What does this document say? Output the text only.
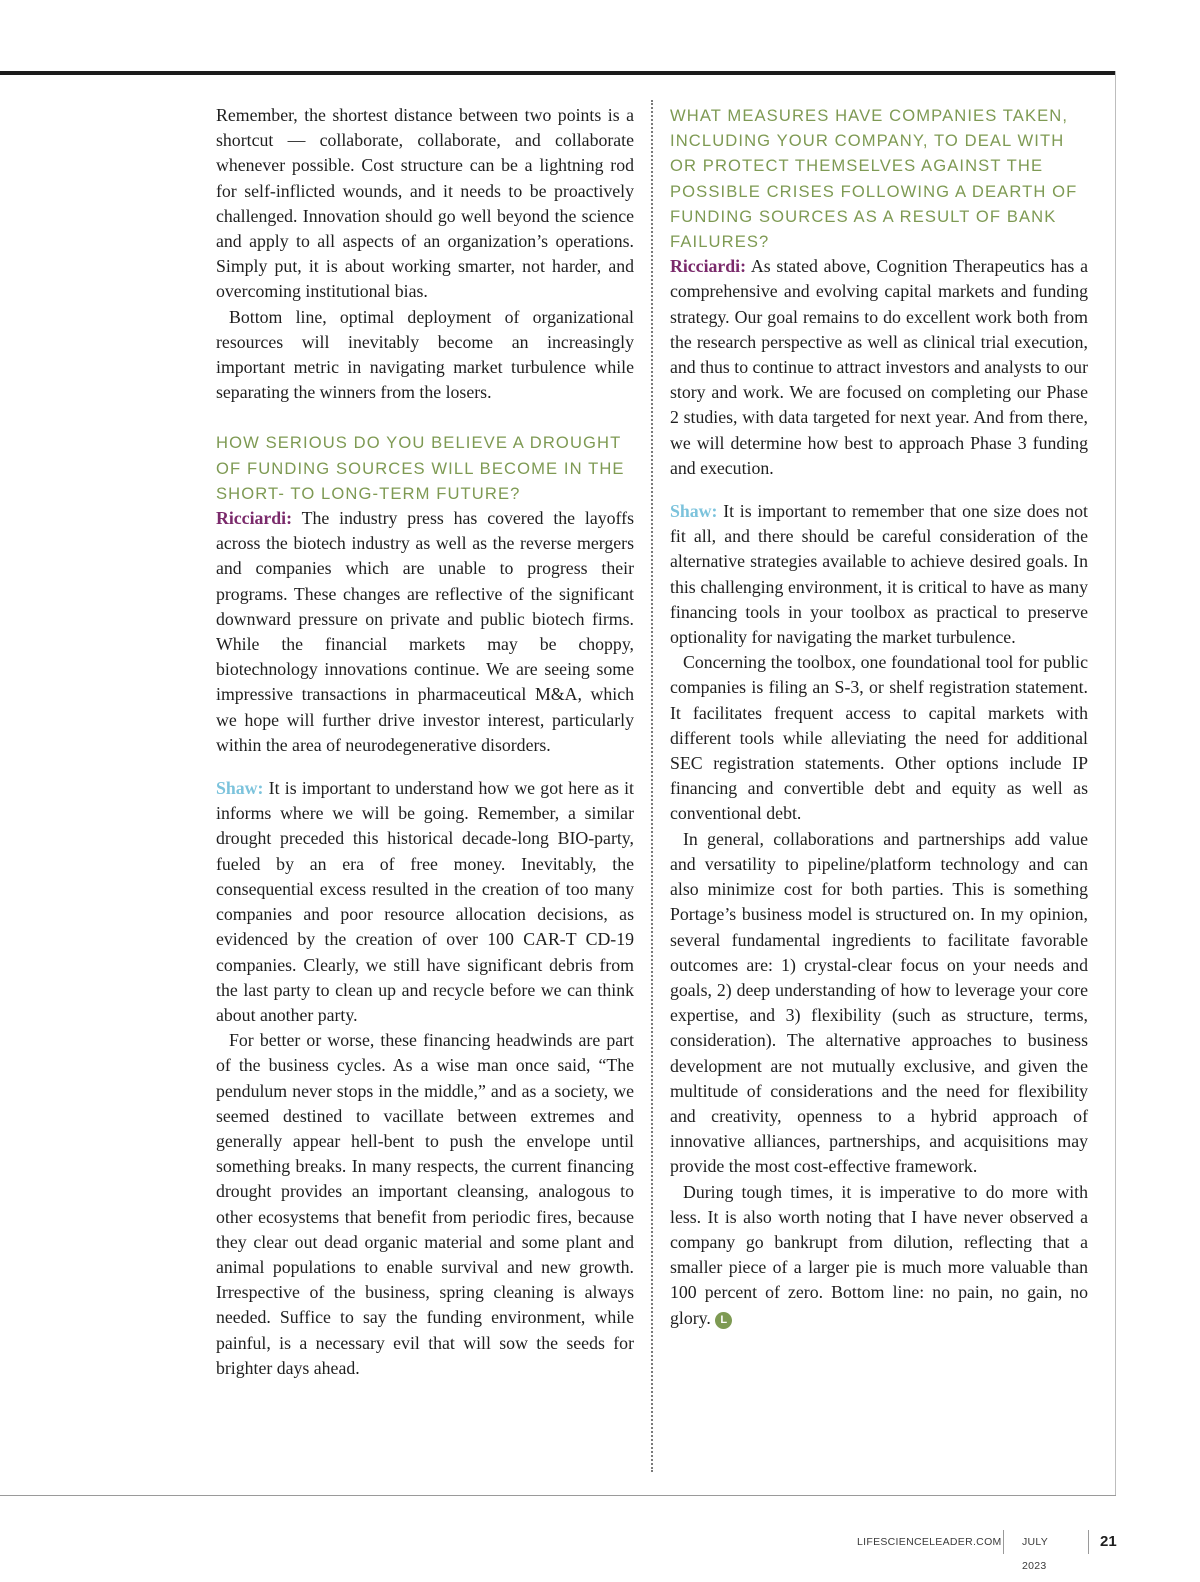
Remember, the shortest distance between two points is a shortcut — collaborate, collaborate, and collaborate whenever possible. Cost structure can be a lightning rod for self-inflicted wounds, and it needs to be proactively challenged. Innovation should go well beyond the science and apply to all aspects of an organization’s operations. Simply put, it is about working smarter, not harder, and overcoming institutional bias.

Bottom line, optimal deployment of organizational resources will inevitably become an increasingly important metric in navigating market turbulence while separating the winners from the losers.

HOW SERIOUS DO YOU BELIEVE A DROUGHT OF FUNDING SOURCES WILL BECOME IN THE SHORT- TO LONG-TERM FUTURE?

Ricciardi: The industry press has covered the layoffs across the biotech industry as well as the reverse mergers and companies which are unable to progress their programs. These changes are reflective of the significant downward pressure on private and public biotech firms. While the financial markets may be choppy, biotechnology innovations continue. We are seeing some impressive transactions in pharmaceutical M&A, which we hope will further drive investor interest, particularly within the area of neurodegenerative disorders.

Shaw: It is important to understand how we got here as it informs where we will be going. Remember, a similar drought preceded this historical decade-long BIO-party, fueled by an era of free money. Inevitably, the consequential excess resulted in the creation of too many companies and poor resource allocation decisions, as evidenced by the creation of over 100 CAR-T CD-19 companies. Clearly, we still have significant debris from the last party to clean up and recycle before we can think about another party.

For better or worse, these financing headwinds are part of the business cycles. As a wise man once said, “The pendulum never stops in the middle,” and as a society, we seemed destined to vacillate between extremes and generally appear hell-bent to push the envelope until something breaks. In many respects, the current financing drought provides an important cleansing, analogous to other ecosystems that benefit from periodic fires, because they clear out dead organic material and some plant and animal populations to enable survival and new growth. Irrespective of the business, spring cleaning is always needed. Suffice to say the funding environment, while painful, is a necessary evil that will sow the seeds for brighter days ahead.

WHAT MEASURES HAVE COMPANIES TAKEN, INCLUDING YOUR COMPANY, TO DEAL WITH OR PROTECT THEMSELVES AGAINST THE POSSIBLE CRISES FOLLOWING A DEARTH OF FUNDING SOURCES AS A RESULT OF BANK FAILURES?

Ricciardi: As stated above, Cognition Therapeutics has a comprehensive and evolving capital markets and funding strategy. Our goal remains to do excellent work both from the research perspective as well as clinical trial execution, and thus to continue to attract investors and analysts to our story and work. We are focused on completing our Phase 2 studies, with data targeted for next year. And from there, we will determine how best to approach Phase 3 funding and execution.

Shaw: It is important to remember that one size does not fit all, and there should be careful consideration of the alternative strategies available to achieve desired goals. In this challenging environment, it is critical to have as many financing tools in your toolbox as practical to preserve optionality for navigating the market turbulence.

Concerning the toolbox, one foundational tool for public companies is filing an S-3, or shelf registration statement. It facilitates frequent access to capital markets with different tools while alleviating the need for additional SEC registration statements. Other options include IP financing and convertible debt and equity as well as conventional debt.

In general, collaborations and partnerships add value and versatility to pipeline/platform technology and can also minimize cost for both parties. This is something Portage’s business model is structured on. In my opinion, several fundamental ingredients to facilitate favorable outcomes are: 1) crystal-clear focus on your needs and goals, 2) deep understanding of how to leverage your core expertise, and 3) flexibility (such as structure, terms, consideration). The alternative approaches to business development are not mutually exclusive, and given the multitude of considerations and the need for flexibility and creativity, openness to a hybrid approach of innovative alliances, partnerships, and acquisitions may provide the most cost-effective framework.

During tough times, it is imperative to do more with less. It is also worth noting that I have never observed a company go bankrupt from dilution, reflecting that a smaller piece of a larger pie is much more valuable than 100 percent of zero. Bottom line: no pain, no gain, no glory. L

LIFESCIENCELEADER.COM JULY 2023
21
